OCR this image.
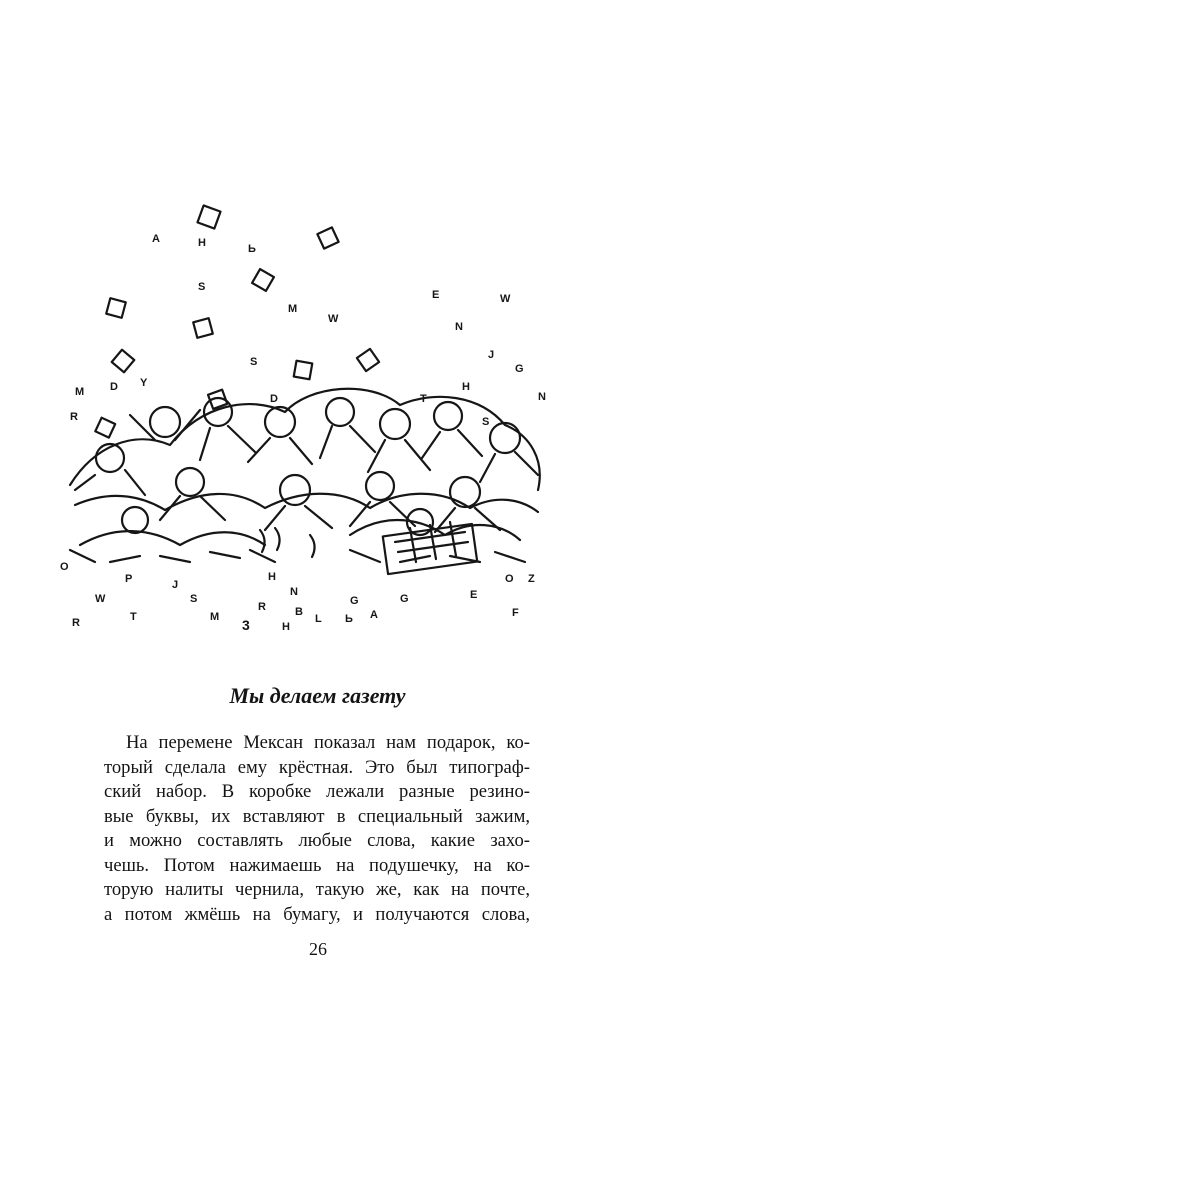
A	H	Ь
E
S
W
M
W
N
M D Y
S
J
G
R
H
N
T
S
D
H
N
O
P
W
J
S
R	B
L
G
A
G	E
F
R	T	M
H
O Z
3	Ь
Мы делаем газету

На перемене Мексан показал нам подарок, ко-

торый сделала ему крёстная. Это был типограф-

ский набор. В коробке лежали разные резино-

вые буквы, их вставляют в специальный зажим,

и можно составлять любые слова, какие захо-

чешь. Потом нажимаешь на подушечку, на ко-

торую налиты чернила, такую же, как на почте,

а потом жмёшь на бумагу, и получаются слова,

26
